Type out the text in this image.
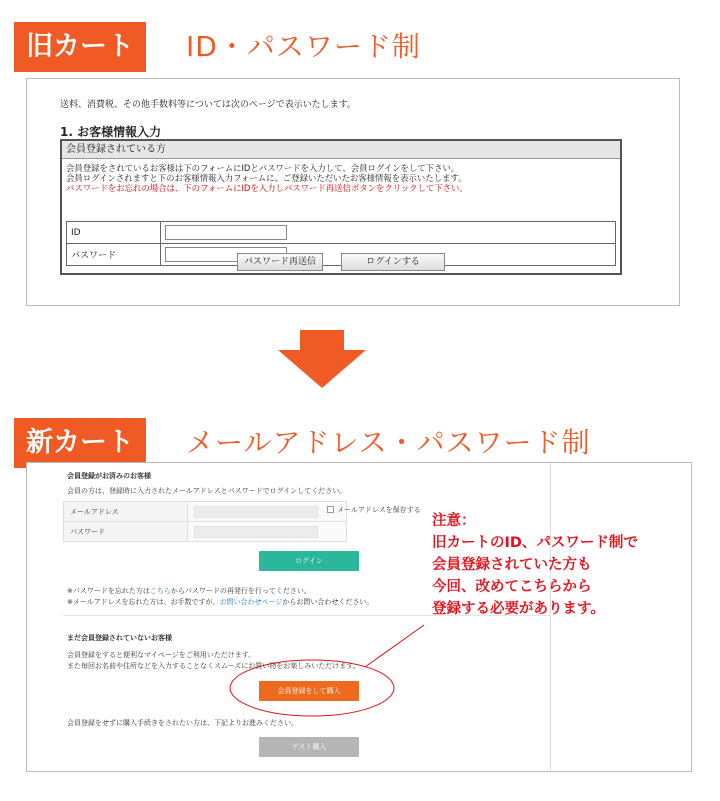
旧カート	ID・パスワード制
送料、消費税、その他手数料等については次のページで表示いたします。
1. お客様情報入力
会員登録されている方
会員登録をされているお客様は下のフォームにIDとパスワードを入力して、会員ログインをして下さい。
会員ログインされますと下のお客様情報入力フォームに、ご登録いただいたお客様情報を表示いたします。
パスワードをお忘れの場合は、下のフォームにIDを入力しパスワード再送信ボタンをクリックして下さい。
ID	
パスワード	
パスワード再送信	ログインする
新カート	メールアドレス・パスワード制
会員登録がお済みのお客様
会員の方は、登録時に入力されたメールアドレスとパスワードでログインしてください。
メールアドレス	

パスワード	
メールアドレスを保存する
ログイン
※パスワードを忘れた方はこちらからパスワードの再発行を行ってください。
※メールアドレスを忘れた方は、お手数ですが、お問い合わせページからお問い合わせください。
まだ会員登録されていないお客様
会員登録をすると便利なマイページをご利用いただけます。
また毎回お名前や住所などを入力することなくスムーズにお買い物をお楽しみいただけます。
会員登録をして購入
会員登録をせずに購入手続きをされたい方は、下記よりお進みください。
ゲスト購入
注意：
旧カートのID、パスワード制で
会員登録されていた方も
今回、改めてこちらから
登録する必要があります。
